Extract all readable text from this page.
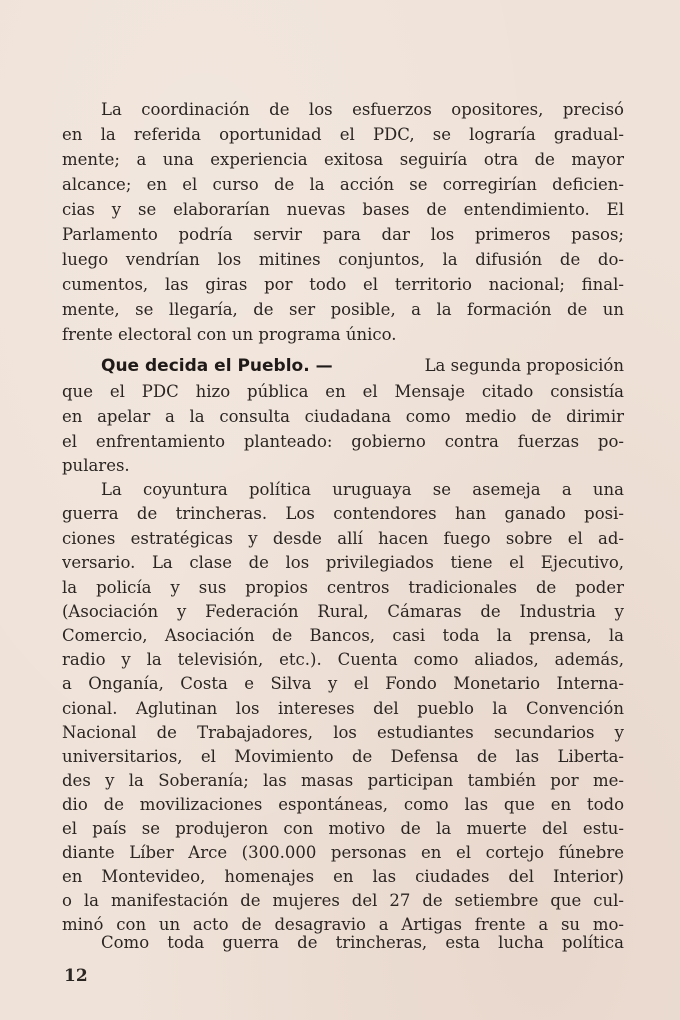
La coordinación de los esfuerzos opositores, precisó
en la referida oportunidad el PDC, se lograría gradual-
mente; a una experiencia exitosa seguiría otra de mayor
alcance; en el curso de la acción se corregirían deficien-
cias y se elaborarían nuevas bases de entendimiento. El
Parlamento podría servir para dar los primeros pasos;
luego vendrían los mitines conjuntos, la difusión de do-
cumentos, las giras por todo el territorio nacional; final-
mente, se llegaría, de ser posible, a la formación de un
frente electoral con un programa único.
Que decida el Pueblo. —	La segunda proposición
que el PDC hizo pública en el Mensaje citado consistía
en apelar a la consulta ciudadana como medio de dirimir
el enfrentamiento planteado: gobierno contra fuerzas po-
pulares.
La coyuntura política uruguaya se asemeja a una
guerra de trincheras. Los contendores han ganado posi-
ciones estratégicas y desde allí hacen fuego sobre el ad-
versario. La clase de los privilegiados tiene el Ejecutivo,
la policía y sus propios centros tradicionales de poder
(Asociación y Federación Rural, Cámaras de Industria y
Comercio, Asociación de Bancos, casi toda la prensa, la
radio y la televisión, etc.). Cuenta como aliados, además,
a Onganía, Costa e Silva y el Fondo Monetario Interna-
cional. Aglutinan los intereses del pueblo la Convención
Nacional de Trabajadores, los estudiantes secundarios y
universitarios, el Movimiento de Defensa de las Liberta-
des y la Soberanía; las masas participan también por me-
dio de movilizaciones espontáneas, como las que en todo
el país se produjeron con motivo de la muerte del estu-
diante Líber Arce (300.000 personas en el cortejo fúnebre
en Montevideo, homenajes en las ciudades del Interior)
o la manifestación de mujeres del 27 de setiembre que cul-
minó con un acto de desagravio a Artigas frente a su mo-
Como toda guerra de trincheras, esta lucha política
12
